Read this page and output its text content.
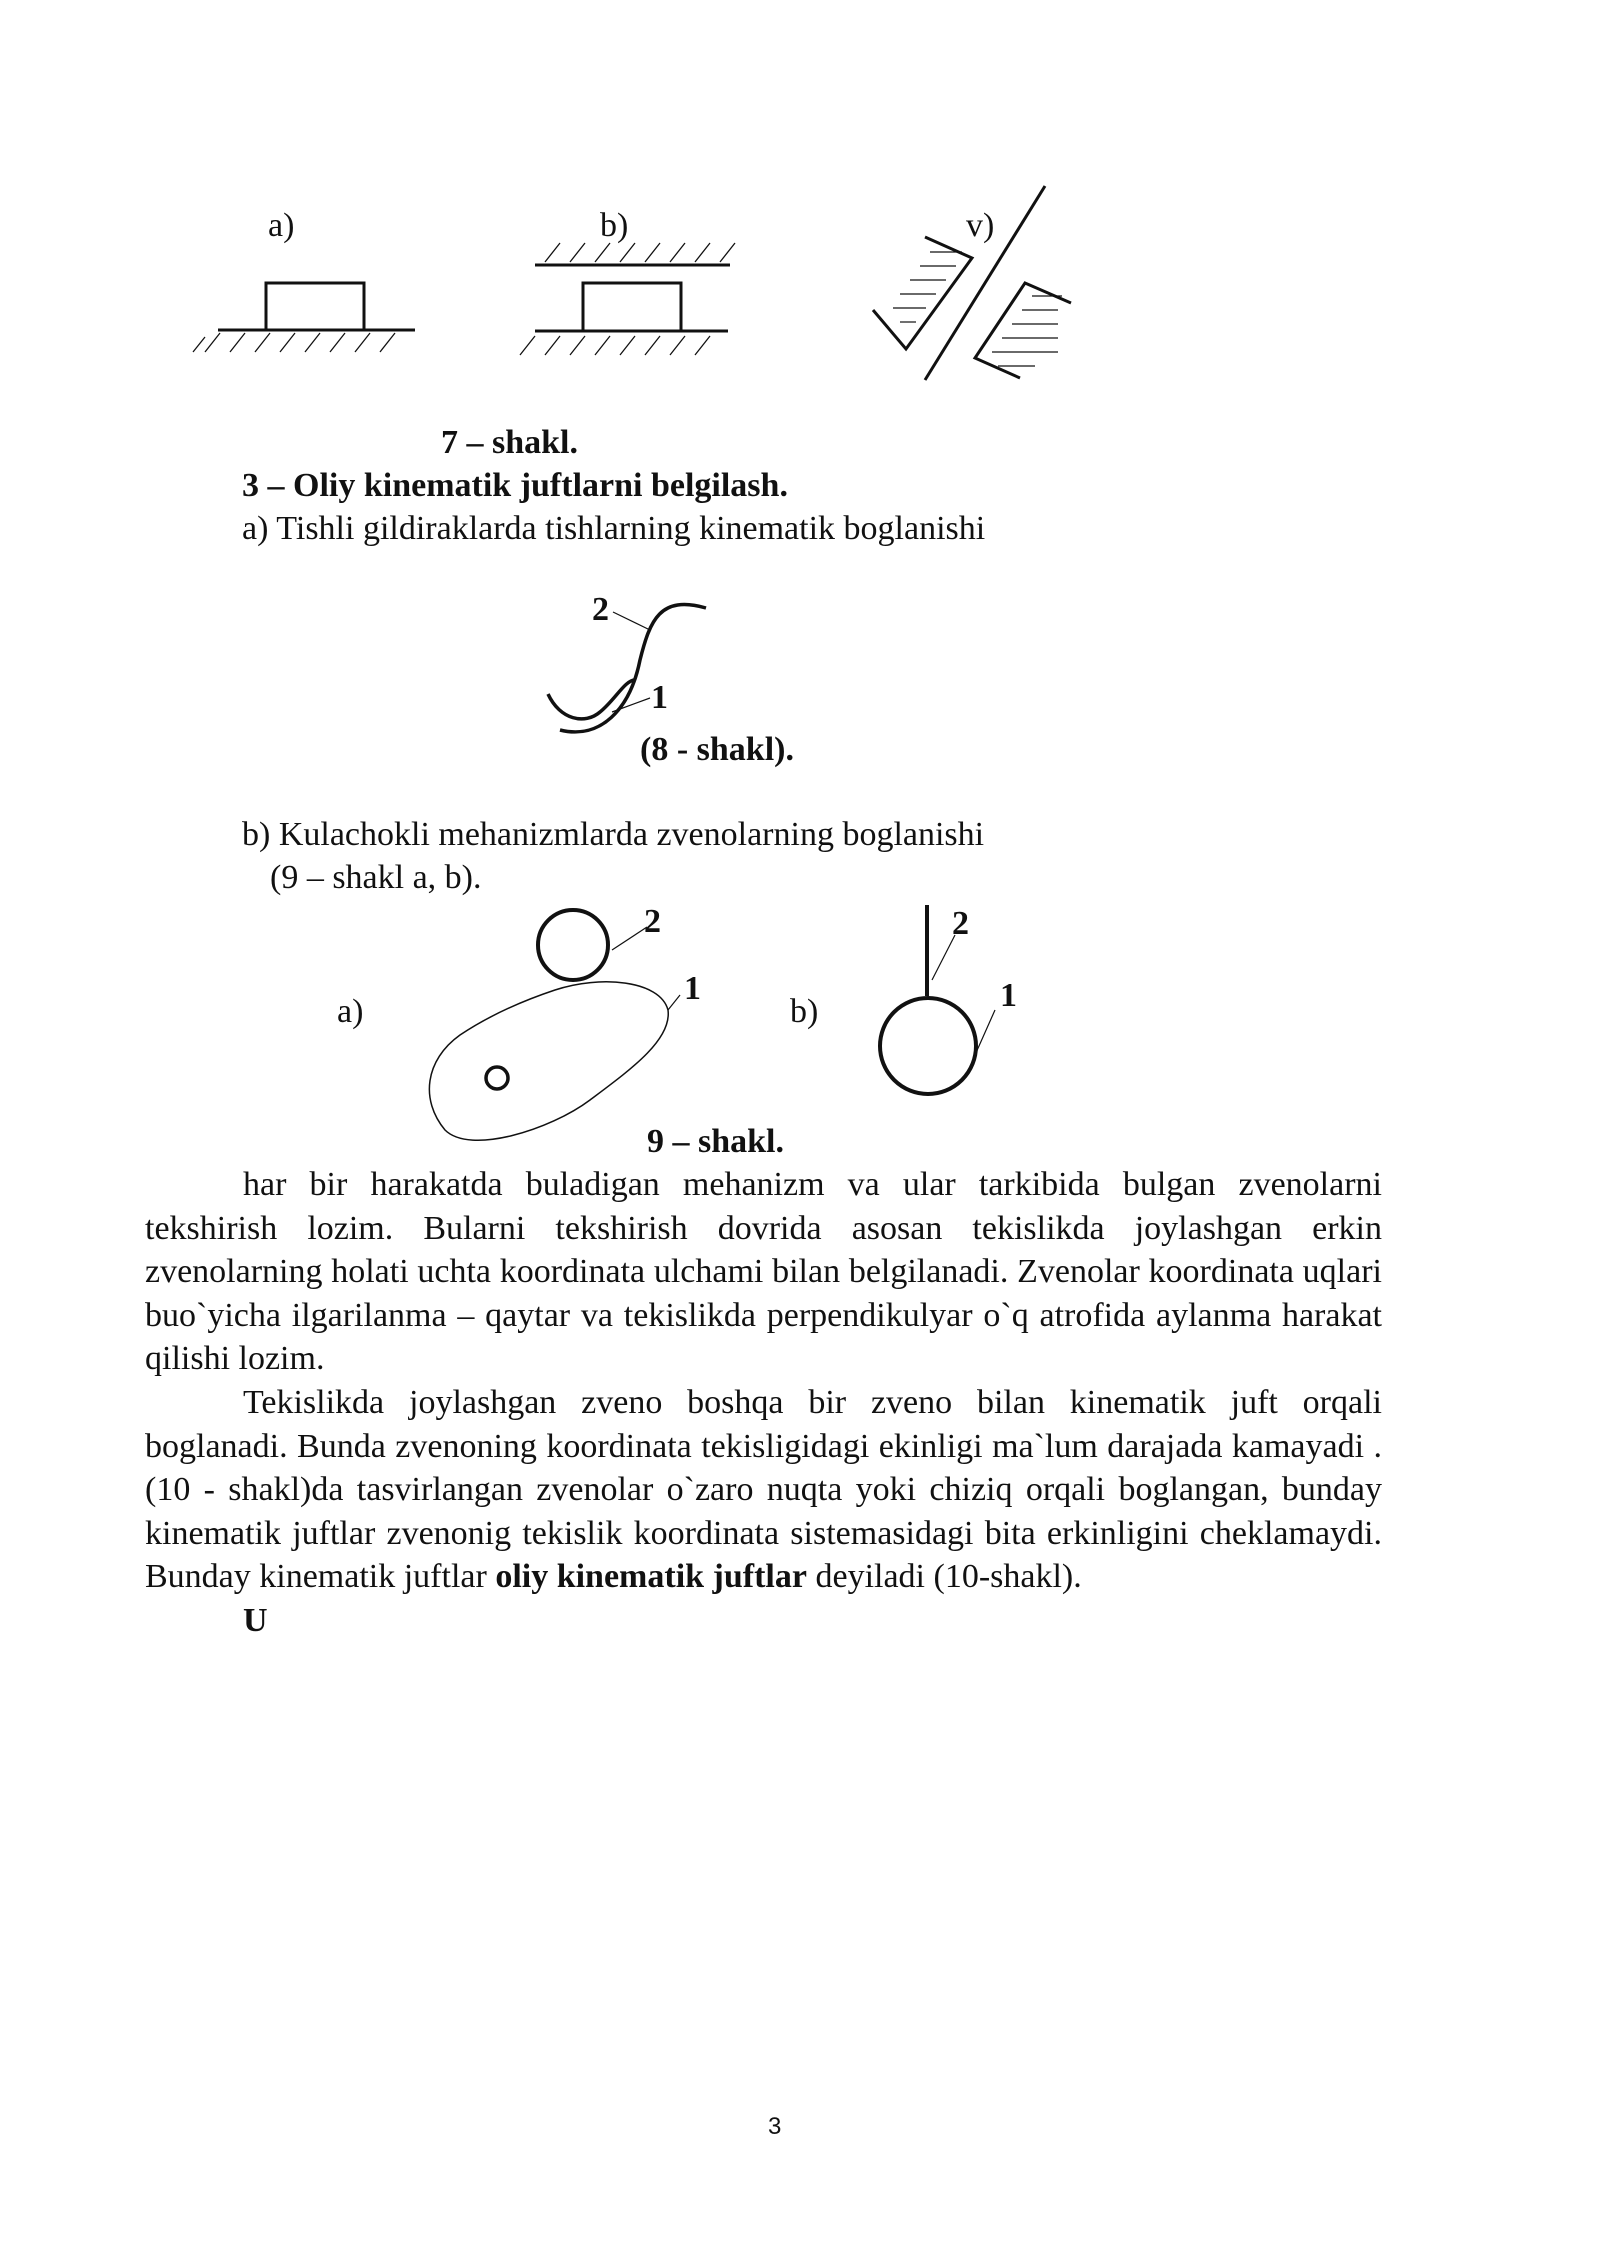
a)	b)	v)
7 – shakl.
3 – Oliy kinematik juftlarni belgilash.
a) Tishli gildiraklarda tishlarning kinematik boglanishi
2
1
(8 - shakl).
b) Kulachokli mehanizmlarda zvenolarning boglanishi
(9 – shakl a, b).
2
1
a)	b)
2
1
9 – shakl.

har bir harakatda buladigan mehanizm va ular tarkibida bulgan zvenolarni tekshirish lozim. Bularni tekshirish dovrida asosan tekislikda joylashgan erkin zvenolarning holati uchta koordinata ulchami bilan belgilanadi. Zvenolar koordinata uqlari buo`yicha ilgarilanma – qaytar va tekislikda perpendikulyar o`q atrofida aylanma harakat qilishi lozim.

Tekislikda joylashgan zveno boshqa bir zveno bilan kinematik juft orqali boglanadi. Bunda zvenoning koordinata tekisligidagi ekinligi ma`lum darajada kamayadi . (10 - shakl)da tasvirlangan zvenolar o`zaro nuqta yoki chiziq orqali boglangan, bunday kinematik juftlar zvenonig tekislik koordinata sistemasidagi bita erkinligini cheklamaydi. Bunday kinematik juftlar oliy kinematik juftlar deyiladi (10-shakl).

U

3
